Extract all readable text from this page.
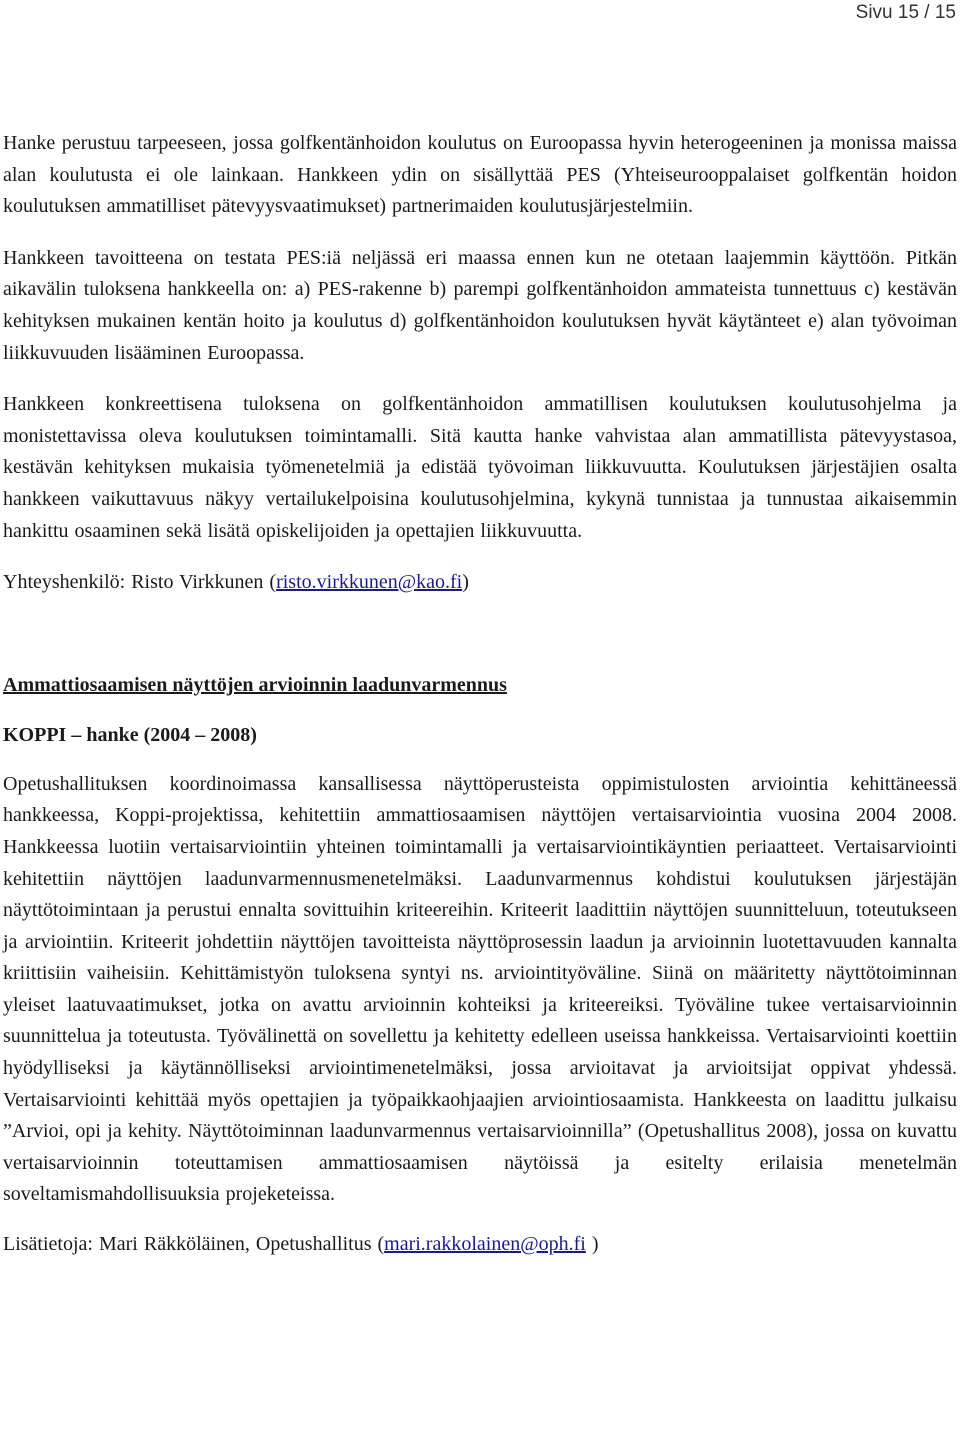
Sivu 15 / 15

Hanke perustuu tarpeeseen, jossa golfkentänhoidon koulutus on Euroopassa hyvin heterogeeninen ja monissa maissa alan koulutusta ei ole lainkaan. Hankkeen ydin on sisällyttää PES (Yhteiseurooppalaiset golfkentän hoidon koulutuksen ammatilliset pätevyysvaatimukset) partnerimaiden koulutusjärjestelmiin.

Hankkeen tavoitteena on testata PES:iä neljässä eri maassa ennen kun ne otetaan laajemmin käyttöön. Pitkän aikavälin tuloksena hankkeella on: a) PES-rakenne b) parempi golfkentänhoidon ammateista tunnettuus c) kestävän kehityksen mukainen kentän hoito ja koulutus d) golfkentänhoidon koulutuksen hyvät käytänteet e) alan työvoiman liikkuvuuden lisääminen Euroopassa.

Hankkeen konkreettisena tuloksena on golfkentänhoidon ammatillisen koulutuksen koulutusohjelma ja monistettavissa oleva koulutuksen toimintamalli. Sitä kautta hanke vahvistaa alan ammatillista pätevyystasoa, kestävän kehityksen mukaisia työmenetelmiä ja edistää työvoiman liikkuvuutta. Koulutuksen järjestäjien osalta hankkeen vaikuttavuus näkyy vertailukelpoisina koulutusohjelmina, kykynä tunnistaa ja tunnustaa aikaisemmin hankittu osaaminen sekä lisätä opiskelijoiden ja opettajien liikkuvuutta.

Yhteyshenkilö: Risto Virkkunen (risto.virkkunen@kao.fi)

Ammattiosaamisen näyttöjen arvioinnin laadunvarmennus
KOPPI – hanke (2004 – 2008)

Opetushallituksen koordinoimassa kansallisessa näyttöperusteista oppimistulosten arviointia kehittäneessä hankkeessa, Koppi-projektissa, kehitettiin ammattiosaamisen näyttöjen vertaisarviointia vuosina 2004 2008. Hankkeessa luotiin vertaisarviointiin yhteinen toimintamalli ja vertaisarviointikäyntien periaatteet. Vertaisarviointi kehitettiin näyttöjen laadunvarmennusmenetelmäksi. Laadunvarmennus kohdistui koulutuksen järjestäjän näyttötoimintaan ja perustui ennalta sovittuihin kriteereihin. Kriteerit laadittiin näyttöjen suunnitteluun, toteutukseen ja arviointiin. Kriteerit johdettiin näyttöjen tavoitteista näyttöprosessin laadun ja arvioinnin luotettavuuden kannalta kriittisiin vaiheisiin. Kehittämistyön tuloksena syntyi ns. arviointityöväline. Siinä on määritetty näyttötoiminnan yleiset laatuvaatimukset, jotka on avattu arvioinnin kohteiksi ja kriteereiksi. Työväline tukee vertaisarvioinnin suunnittelua ja toteutusta. Työvälinettä on sovellettu ja kehitetty edelleen useissa hankkeissa. Vertaisarviointi koettiin hyödylliseksi ja käytännölliseksi arviointimenetelmäksi, jossa arvioitavat ja arvioitsijat oppivat yhdessä. Vertaisarviointi kehittää myös opettajien ja työpaikkaohjaajien arviointiosaamista. Hankkeesta on laadittu julkaisu ”Arvioi, opi ja kehity. Näyttötoiminnan laadunvarmennus vertaisarvioinnilla” (Opetushallitus 2008), jossa on kuvattu vertaisarvioinnin toteuttamisen ammattiosaamisen näytöissä ja esitelty erilaisia menetelmän soveltamismahdollisuuksia projeketeissa.

Lisätietoja: Mari Räkköläinen, Opetushallitus (mari.rakkolainen@oph.fi )
